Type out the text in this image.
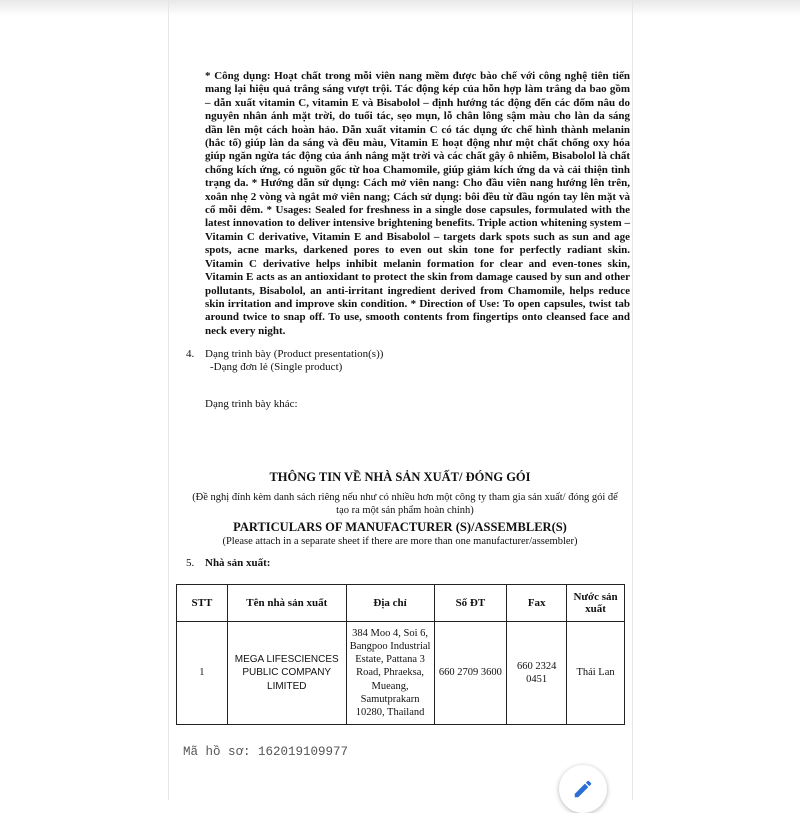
* Công dụng: Hoạt chất trong mỗi viên nang mềm được bào chế với công nghệ tiên tiến mang lại hiệu quả trắng sáng vượt trội. Tác động kép của hỗn hợp làm trắng da bao gồm – dẫn xuất vitamin C, vitamin E và Bisabolol – định hướng tác động đến các đốm nâu do nguyên nhân ánh mặt trời, do tuổi tác, sẹo mụn, lỗ chân lông sậm màu cho làn da sáng dần lên một cách hoàn hảo. Dẫn xuất vitamin C có tác dụng ức chế hình thành melanin (hắc tố) giúp làn da sáng và đều màu, Vitamin E hoạt động như một chất chống oxy hóa giúp ngăn ngừa tác động của ánh nắng mặt trời và các chất gây ô nhiễm, Bisabolol là chất chống kích ứng, có nguồn gốc từ hoa Chamomile, giúp giảm kích ứng da và cải thiện tình trạng da. * Hướng dẫn sử dụng: Cách mở viên nang: Cho đầu viên nang hướng lên trên, xoắn nhẹ 2 vòng và ngắt mở viên nang; Cách sử dụng: bôi đều từ đầu ngón tay lên mặt và cổ mỗi đêm. * Usages: Sealed for freshness in a single dose capsules, formulated with the latest innovation to deliver intensive brightening benefits. Triple action whitening system – Vitamin C derivative, Vitamin E and Bisabolol – targets dark spots such as sun and age spots, acne marks, darkened pores to even out skin tone for perfectly radiant skin. Vitamin C derivative helps inhibit melanin formation for clear and even-tones skin, Vitamin E acts as an antioxidant to protect the skin from damage caused by sun and other pollutants, Bisabolol, an anti-irritant ingredient derived from Chamomile, helps reduce skin irritation and improve skin condition. * Direction of Use: To open capsules, twist tab around twice to snap off. To use, smooth contents from fingertips onto cleansed face and neck every night.

4. Dạng trình bày (Product presentation(s))
-Dạng đơn lẻ (Single product)
Dạng trình bày khác:

THÔNG TIN VỀ NHÀ SẢN XUẤT/ ĐÓNG GÓI

(Đề nghị đính kèm danh sách riêng nếu như có nhiều hơn một công ty tham gia sản xuất/ đóng gói để tạo ra một sản phẩm hoàn chỉnh)

PARTICULARS OF MANUFACTURER (S)/ASSEMBLER(S)

(Please attach in a separate sheet if there are more than one manufacturer/assembler)

5. Nhà sản xuất:
STT	Tên nhà sản xuất	Địa chỉ	Số ĐT	Fax	Nước sản xuất
1	MEGA LIFESCIENCES PUBLIC COMPANY LIMITED	384 Moo 4, Soi 6, Bangpoo Industrial Estate, Pattana 3 Road, Phraeksa, Mueang, Samutprakarn 10280, Thailand	660 2709 3600	660 2324 0451	Thái Lan
Mã hồ sơ: 162019109977
